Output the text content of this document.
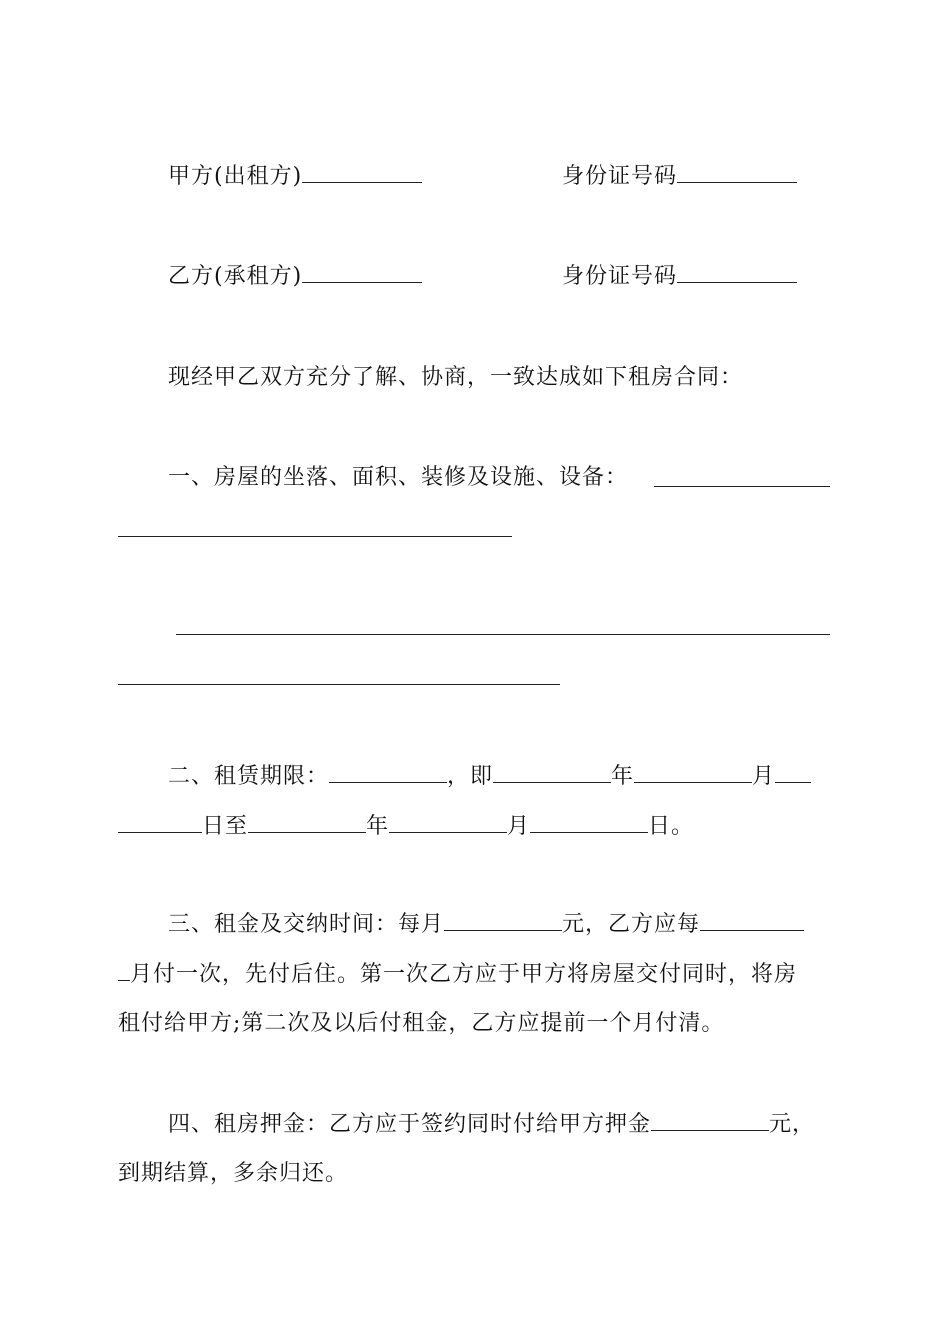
甲方(出租方)	身份证号码
乙方(承租方)	身份证号码
现经甲乙双方充分了解、协商，一致达成如下租房合同：
一、房屋的坐落、面积、装修及设施、设备：
二、租赁期限：	，即	年	月
日至	年	月	日。
三、租金及交纳时间：每月	元，乙方应每
月付一次，先付后住。第一次乙方应于甲方将房屋交付同时，将房
租付给甲方;第二次及以后付租金，乙方应提前一个月付清。
四、租房押金：乙方应于签约同时付给甲方押金	元，
到期结算，多余归还。
